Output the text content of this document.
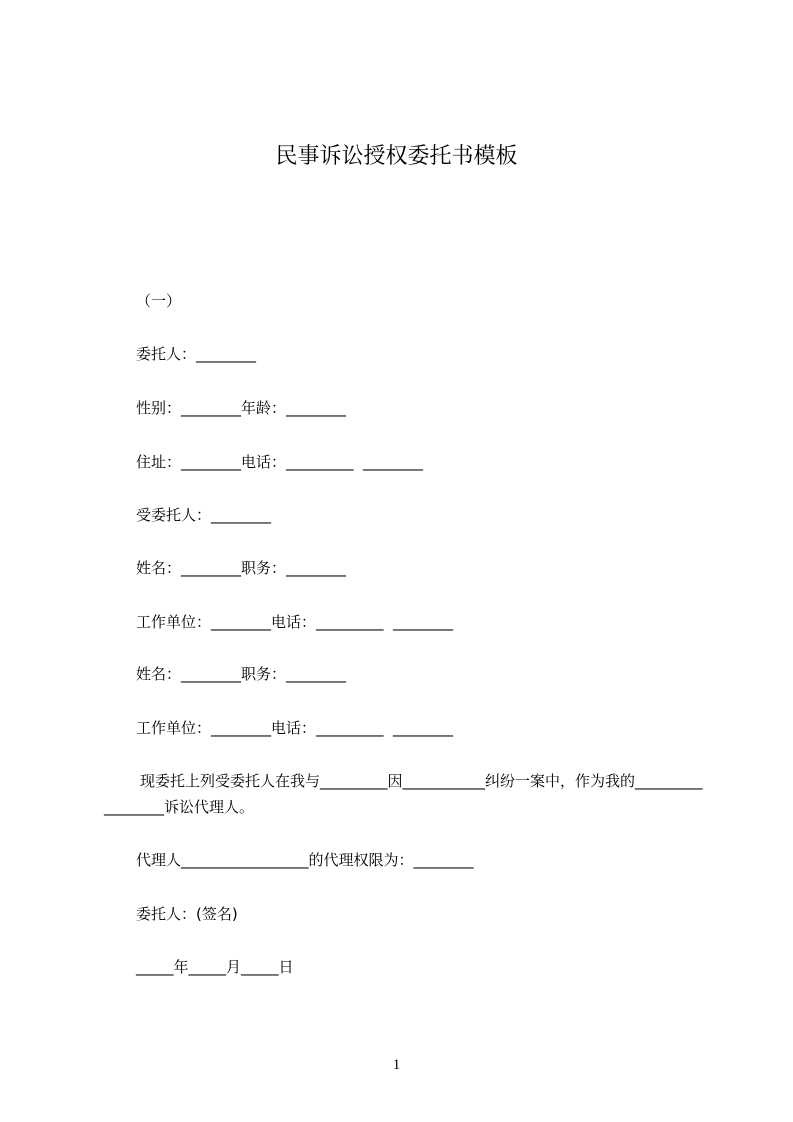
民事诉讼授权委托书模板

（一）

委托人：________

性别：________年龄：________

住址：________电话：_________  ________

受委托人：________

姓名：________职务：________

工作单位：________电话：_________  ________

姓名：________职务：________

工作单位：________电话：_________  ________

现委托上列受委托人在我与_________因___________纠纷一案中，作为我的_________________诉讼代理人。

代理人_________________的代理权限为：________

委托人：(签名)

_____年_____月_____日

1
